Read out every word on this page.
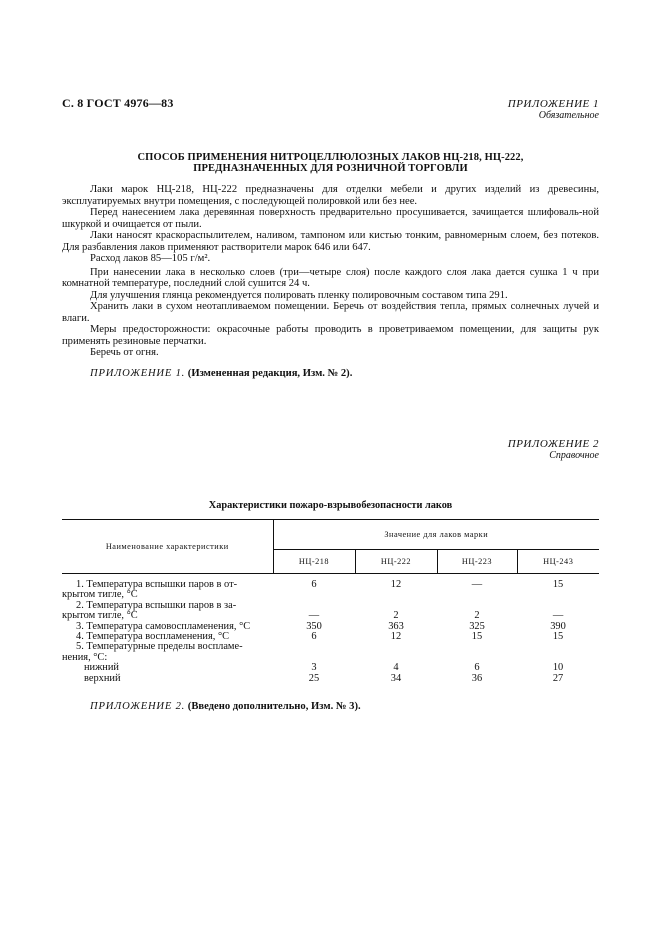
С. 8 ГОСТ 4976—83	ПРИЛОЖЕНИЕ 1
Обязательное
СПОСОБ ПРИМЕНЕНИЯ НИТРОЦЕЛЛЮЛОЗНЫХ ЛАКОВ НЦ-218, НЦ-222,
ПРЕДНАЗНАЧЕННЫХ ДЛЯ РОЗНИЧНОЙ ТОРГОВЛИ

Лаки марок НЦ-218, НЦ-222 предназначены для отделки мебели и других изделий из древесины, эксплуатируемых внутри помещения, с последующей полировкой или без нее.

Перед нанесением лака деревянная поверхность предварительно просушивается, зачищается шлифоваль-ной шкуркой и очищается от пыли.

Лаки наносят краскораспылителем, наливом, тампоном или кистью тонким, равномерным слоем, без потеков. Для разбавления лаков применяют растворители марок 646 или 647.

Расход лаков 85—105 г/м².

При нанесении лака в несколько слоев (три—четыре слоя) после каждого слоя лака дается сушка 1 ч при комнатной температуре, последний слой сушится 24 ч.

Для улучшения глянца рекомендуется полировать пленку полировочным составом типа 291.

Хранить лаки в сухом неотапливаемом помещении. Беречь от воздействия тепла, прямых солнечных лучей и влаги.

Меры предосторожности: окрасочные работы проводить в проветриваемом помещении, для защиты рук применять резиновые перчатки.

Беречь от огня.

ПРИЛОЖЕНИЕ 1. (Измененная редакция, Изм. № 2).
ПРИЛОЖЕНИЕ 2
Справочное
Характеристики пожаро-взрывобезопасности лаков
Наименование характеристики	Значение для лаков марки			
	НЦ-218	НЦ-222	НЦ-223	НЦ-243
1. Температура вспышки паров в от-
крытом тигле, °С	6	12	—	15
2. Температура вспышки паров в за-
крытом тигле, °С	—	2	2	—
3. Температура самовоспламенения, °С	350	363	325	390
4. Температура воспламенения, °С	6	12	15	15
5. Температурные пределы воспламе-
нения, °С:				
нижний	3	4	6	10
верхний	25	34	36	27
ПРИЛОЖЕНИЕ 2. (Введено дополнительно, Изм. № 3).
